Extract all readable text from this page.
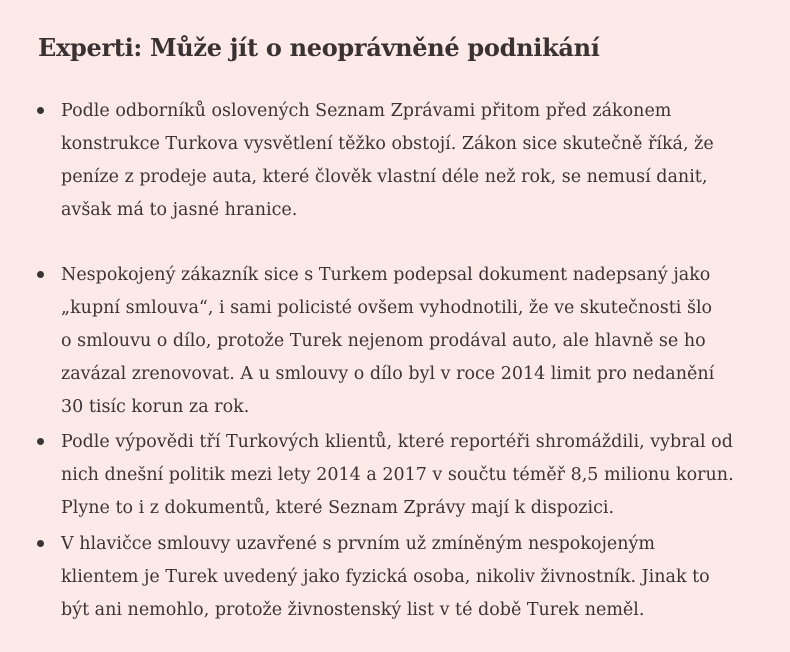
Experti: Může jít o neoprávněné podnikání
Podle odborníků oslovených Seznam Zprávami přitom před zákonem
konstrukce Turkova vysvětlení těžko obstojí. Zákon sice skutečně říká, že
peníze z prodeje auta, které člověk vlastní déle než rok, se nemusí danit,
avšak má to jasné hranice.
Nespokojený zákazník sice s Turkem podepsal dokument nadepsaný jako
„kupní smlouva“, i sami policisté ovšem vyhodnotili, že ve skutečnosti šlo
o smlouvu o dílo, protože Turek nejenom prodával auto, ale hlavně se ho
zavázal zrenovovat. A u smlouvy o dílo byl v roce 2014 limit pro nedanění
30 tisíc korun za rok.
Podle výpovědi tří Turkových klientů, které reportéři shromáždili, vybral od
nich dnešní politik mezi lety 2014 a 2017 v součtu téměř 8,5 milionu korun.
Plyne to i z dokumentů, které Seznam Zprávy mají k dispozici.
V hlavičce smlouvy uzavřené s prvním už zmíněným nespokojeným
klientem je Turek uvedený jako fyzická osoba, nikoliv živnostník. Jinak to
být ani nemohlo, protože živnostenský list v té době Turek neměl.
